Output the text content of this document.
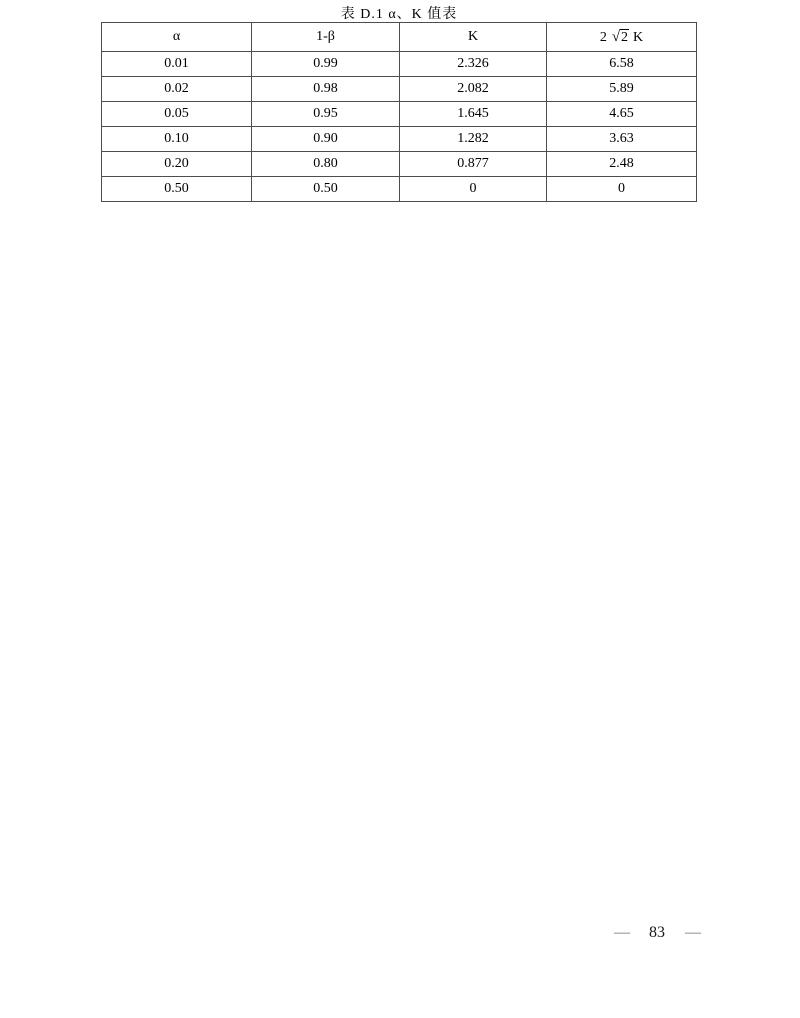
表 D.1 α、K 值表
α	1-β	K	2 √2 K
0.01	0.99	2.326	6.58
0.02	0.98	2.082	5.89
0.05	0.95	1.645	4.65
0.10	0.90	1.282	3.63
0.20	0.80	0.877	2.48
0.50	0.50	0	0
— 83 —
